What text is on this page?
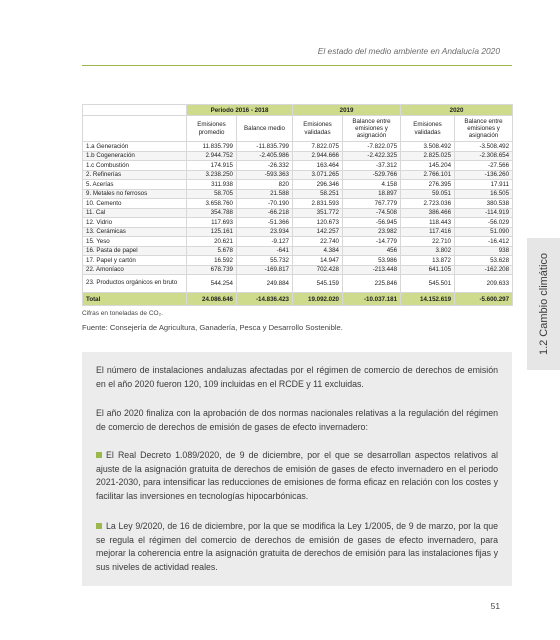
El estado del medio ambiente en Andalucía 2020
1.2 Cambio climático
	Periodo 2016 - 2018		2019		2020	
	Emisiones promedio	Balance medio	Emisiones validadas	Balance entre emisiones y asignación	Emisiones validadas	Balance entre emisiones y asignación
1.a Generación	11.835.799	-11.835.799	7.822.075	-7.822.075	3.508.492	-3.508.492
1.b Cogeneración	2.944.752	-2.405.986	2.944.666	-2.422.325	2.825.025	-2.308.654
1.c Combustión	174.915	-26.332	163.464	-37.312	145.204	-27.566
2. Refinerías	3.238.250	-593.363	3.071.265	-529.766	2.766.101	-136.260
5. Acerías	311.938	820	296.346	4.158	276.395	17.911
9. Metales no ferrosos	58.705	21.588	58.251	18.897	59.051	16.505
10. Cemento	3.658.760	-70.190	2.831.593	767.779	2.723.036	380.538
11. Cal	354.788	-66.218	351.772	-74.508	386.466	-114.919
12. Vidrio	117.693	-51.366	120.673	-56.945	118.443	-56.029
13. Cerámicas	125.161	23.934	142.257	23.982	117.416	51.090
15. Yeso	20.621	-9.127	22.740	-14.779	22.710	-16.412
16. Pasta de papel	5.678	-641	4.384	456	3.802	938
17. Papel y cartón	16.592	55.732	14.947	53.986	13.872	53.628
22. Amoníaco	678.739	-169.817	702.428	-213.448	641.105	-162.208
23. Productos orgánicos en bruto	544.254	249.884	545.159	225.846	545.501	209.633
Total	24.086.646	-14.836.423	19.092.020	-10.037.181	14.152.619	-5.600.297
Cifras en toneladas de CO₂.
Fuente: Consejería de Agricultura, Ganadería, Pesca y Desarrollo Sostenible.

El número de instalaciones andaluzas afectadas por el régimen de comercio de derechos de emisión en el año 2020 fueron 120, 109 incluidas en el RCDE y 11 excluidas.

El año 2020 finaliza con la aprobación de dos normas nacionales relativas a la regulación del régimen de comercio de derechos de emisión de gases de efecto invernadero:

El Real Decreto 1.089/2020, de 9 de diciembre, por el que se desarrollan aspectos relativos al ajuste de la asignación gratuita de derechos de emisión de gases de efecto invernadero en el periodo 2021-2030, para intensificar las reducciones de emisiones de forma eficaz en relación con los costes y facilitar las inversiones en tecnologías hipocarbónicas.

La Ley 9/2020, de 16 de diciembre, por la que se modifica la Ley 1/2005, de 9 de marzo, por la que se regula el régimen del comercio de derechos de emisión de gases de efecto invernadero, para mejorar la coherencia entre la asignación gratuita de derechos de emisión para las instalaciones fijas y sus niveles de actividad reales.

51
